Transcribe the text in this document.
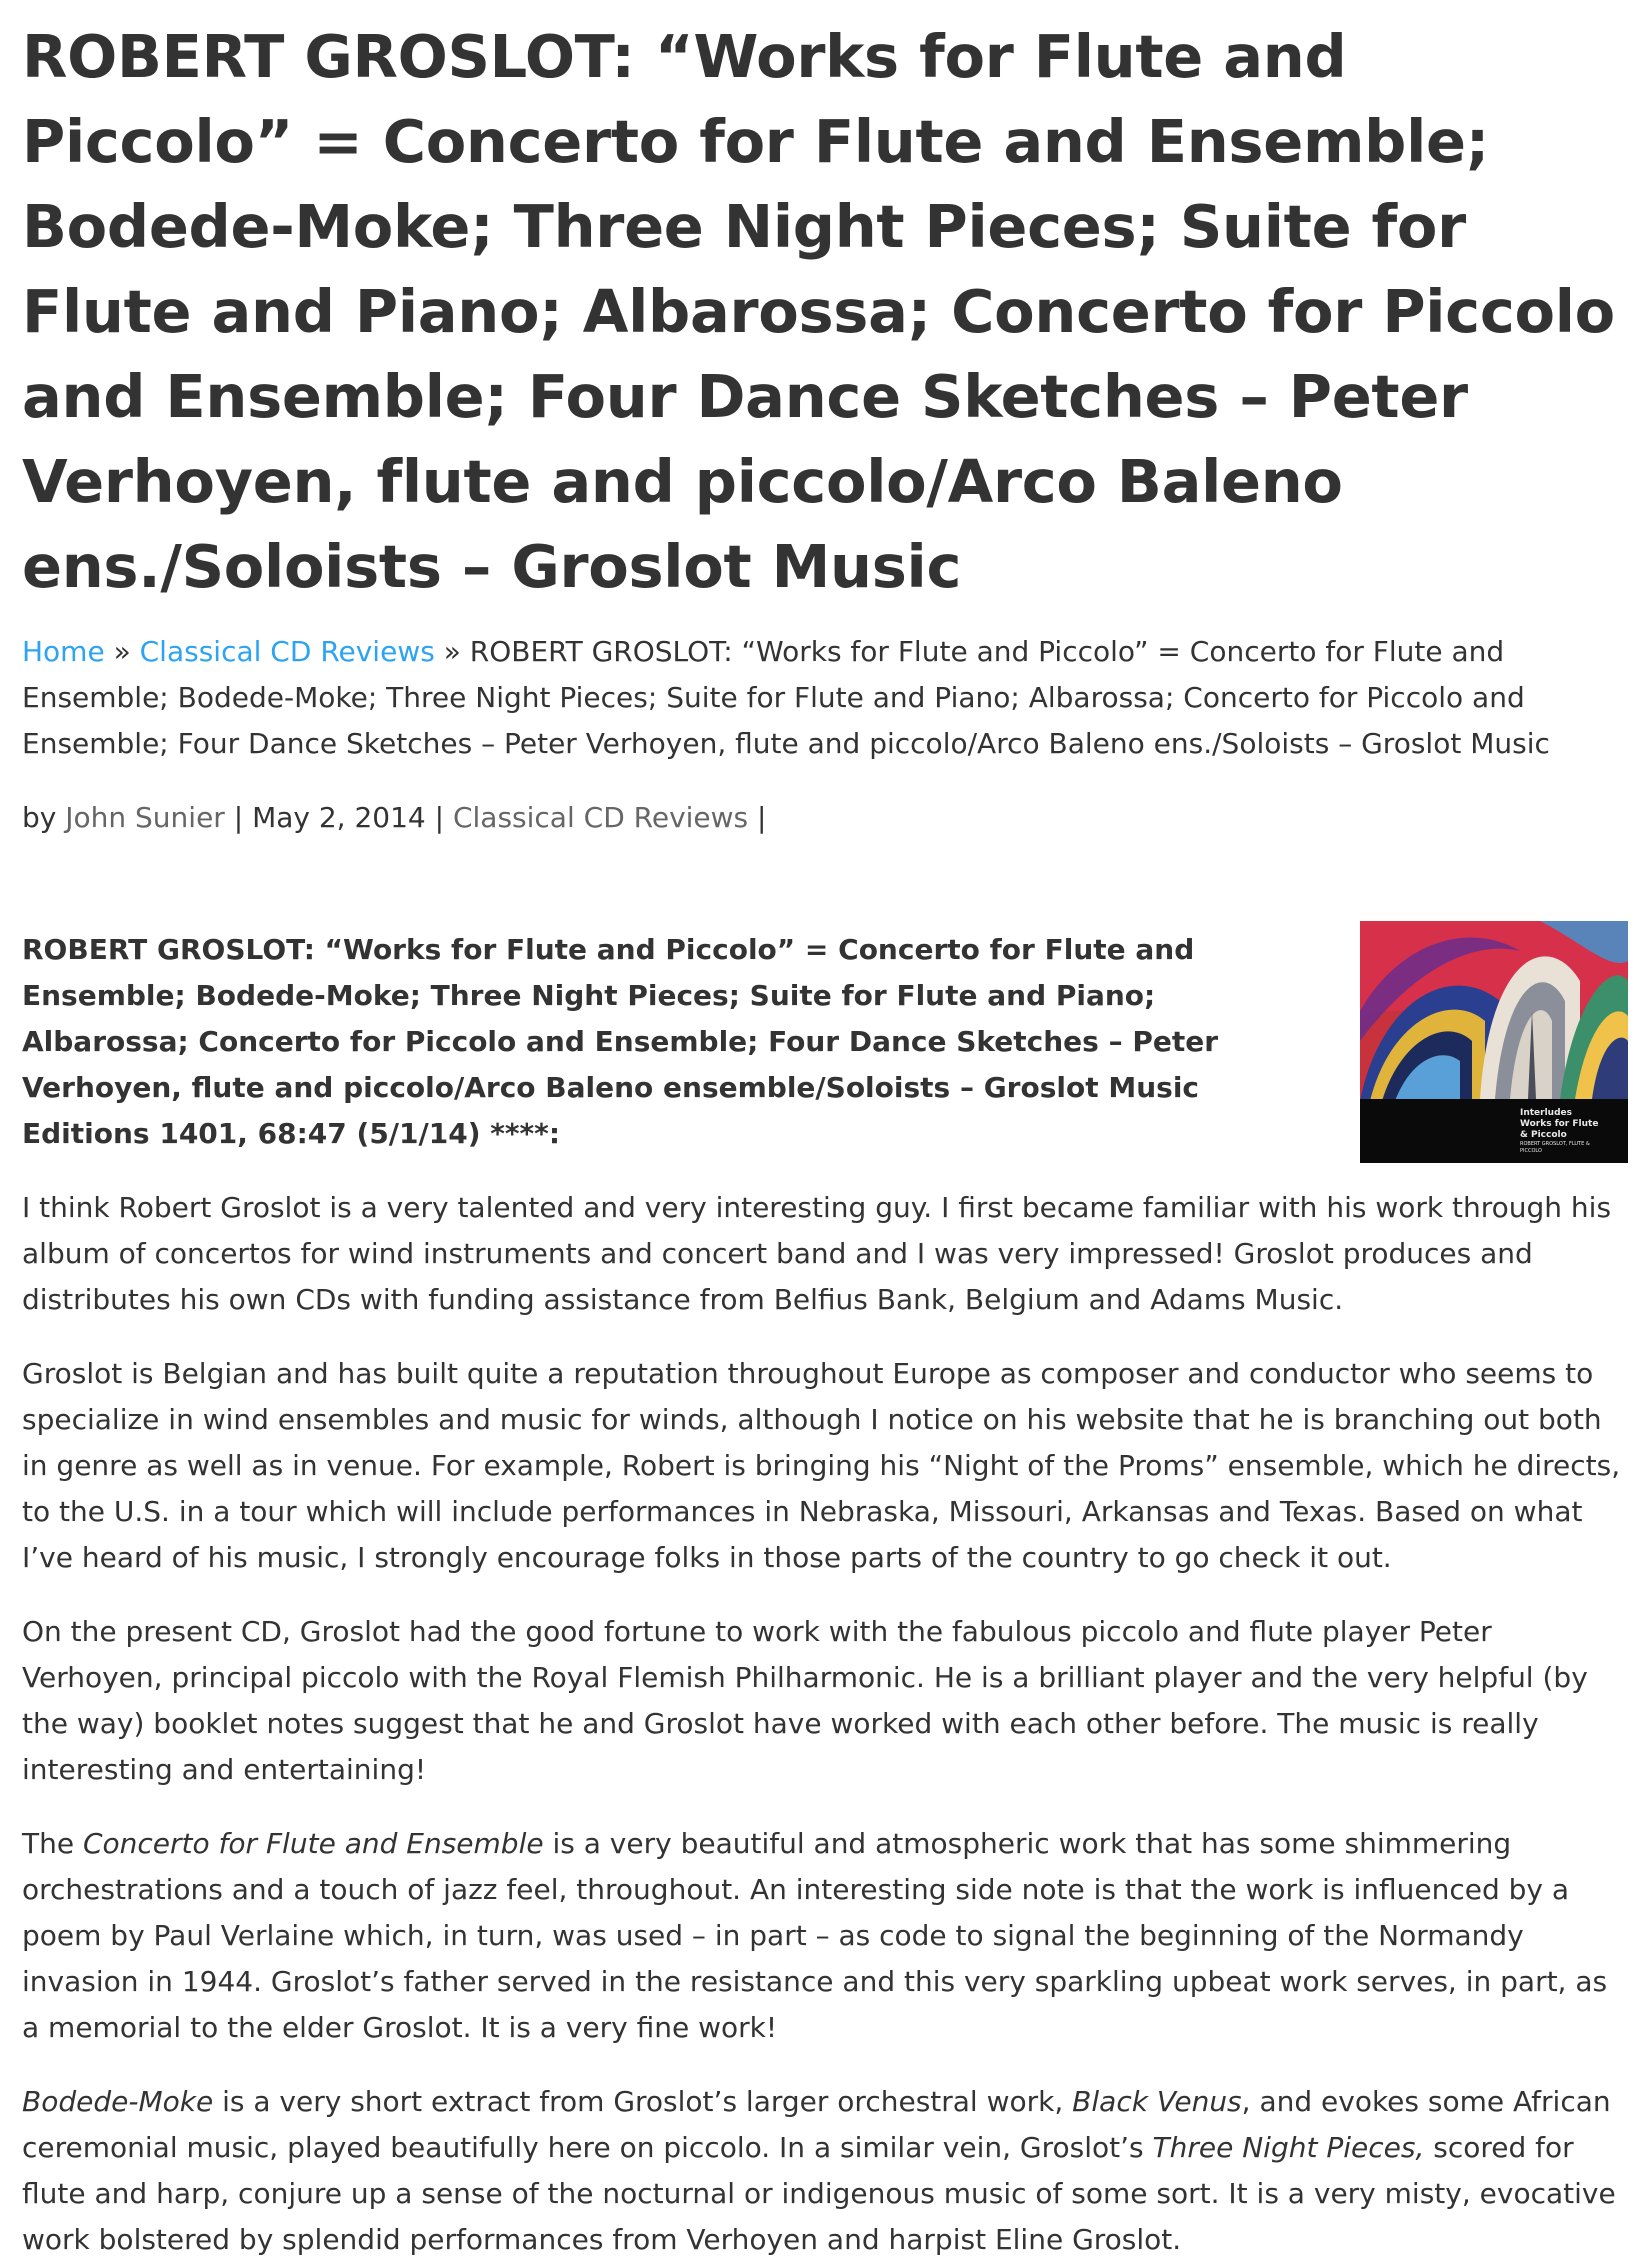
ROBERT GROSLOT: “Works for Flute and Piccolo” = Concerto for Flute and Ensemble; Bodede-Moke; Three Night Pieces; Suite for Flute and Piano; Albarossa; Concerto for Piccolo and Ensemble; Four Dance Sketches – Peter Verhoyen, flute and piccolo/Arco Baleno ens./Soloists – Groslot Music
Home » Classical CD Reviews » ROBERT GROSLOT: “Works for Flute and Piccolo” = Concerto for Flute and Ensemble; Bodede-Moke; Three Night Pieces; Suite for Flute and Piano; Albarossa; Concerto for Piccolo and Ensemble; Four Dance Sketches – Peter Verhoyen, flute and piccolo/Arco Baleno ens./Soloists – Groslot Music
by John Sunier | May 2, 2014 | Classical CD Reviews |
Interludes
Works for Flute
& Piccolo
ROBERT GROSLOT, FLUTE & PICCOLO

ROBERT GROSLOT: “Works for Flute and Piccolo” = Concerto for Flute and Ensemble; Bodede-Moke; Three Night Pieces; Suite for Flute and Piano; Albarossa; Concerto for Piccolo and Ensemble; Four Dance Sketches – Peter Verhoyen, flute and piccolo/Arco Baleno ensemble/Soloists – Groslot Music Editions 1401, 68:47 (5/1/14) ****:

I think Robert Groslot is a very talented and very interesting guy. I first became familiar with his work through his album of concertos for wind instruments and concert band and I was very impressed! Groslot produces and distributes his own CDs with funding assistance from Belfius Bank, Belgium and Adams Music.

Groslot is Belgian and has built quite a reputation throughout Europe as composer and conductor who seems to specialize in wind ensembles and music for winds, although I notice on his website that he is branching out both in genre as well as in venue. For example, Robert is bringing his “Night of the Proms” ensemble, which he directs, to the U.S. in a tour which will include performances in Nebraska, Missouri, Arkansas and Texas. Based on what I’ve heard of his music, I strongly encourage folks in those parts of the country to go check it out.

On the present CD, Groslot had the good fortune to work with the fabulous piccolo and flute player Peter Verhoyen, principal piccolo with the Royal Flemish Philharmonic. He is a brilliant player and the very helpful (by the way) booklet notes suggest that he and Groslot have worked with each other before. The music is really interesting and entertaining!

The Concerto for Flute and Ensemble is a very beautiful and atmospheric work that has some shimmering orchestrations and a touch of jazz feel, throughout. An interesting side note is that the work is influenced by a poem by Paul Verlaine which, in turn, was used – in part – as code to signal the beginning of the Normandy invasion in 1944. Groslot’s father served in the resistance and this very sparkling upbeat work serves, in part, as a memorial to the elder Groslot. It is a very fine work!

Bodede-Moke is a very short extract from Groslot’s larger orchestral work, Black Venus, and evokes some African ceremonial music, played beautifully here on piccolo. In a similar vein, Groslot’s Three Night Pieces, scored for flute and harp, conjure up a sense of the nocturnal or indigenous music of some sort. It is a very misty, evocative work bolstered by splendid performances from Verhoyen and harpist Eline Groslot.
